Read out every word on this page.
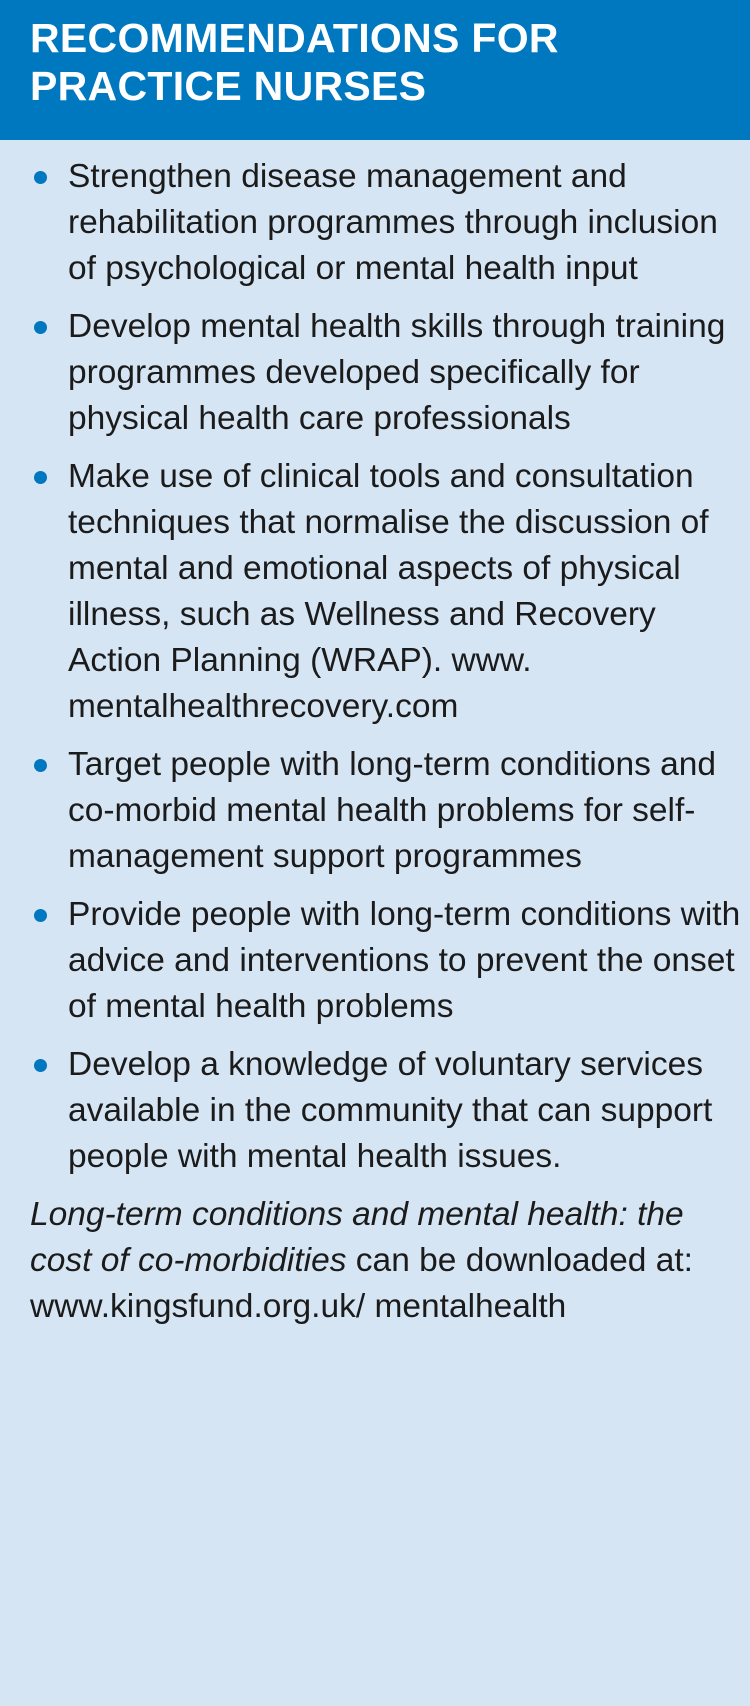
RECOMMENDATIONS FOR
PRACTICE NURSES
Strengthen disease management and rehabilitation programmes through inclusion of psychological or mental health input
Develop mental health skills through training programmes developed specifically for physical health care professionals
Make use of clinical tools and consultation techniques that normalise the discussion of mental and emotional aspects of physical illness, such as Wellness and Recovery Action Planning (WRAP). www. mentalhealthrecovery.com
Target people with long-term conditions and co-morbid mental health problems for self-management support programmes
Provide people with long-term conditions with advice and interventions to prevent the onset of mental health problems
Develop a knowledge of voluntary services available in the community that can support people with mental health issues.

Long-term conditions and mental health: the cost of co-morbidities can be downloaded at: www.kingsfund.org.uk/ mentalhealth
